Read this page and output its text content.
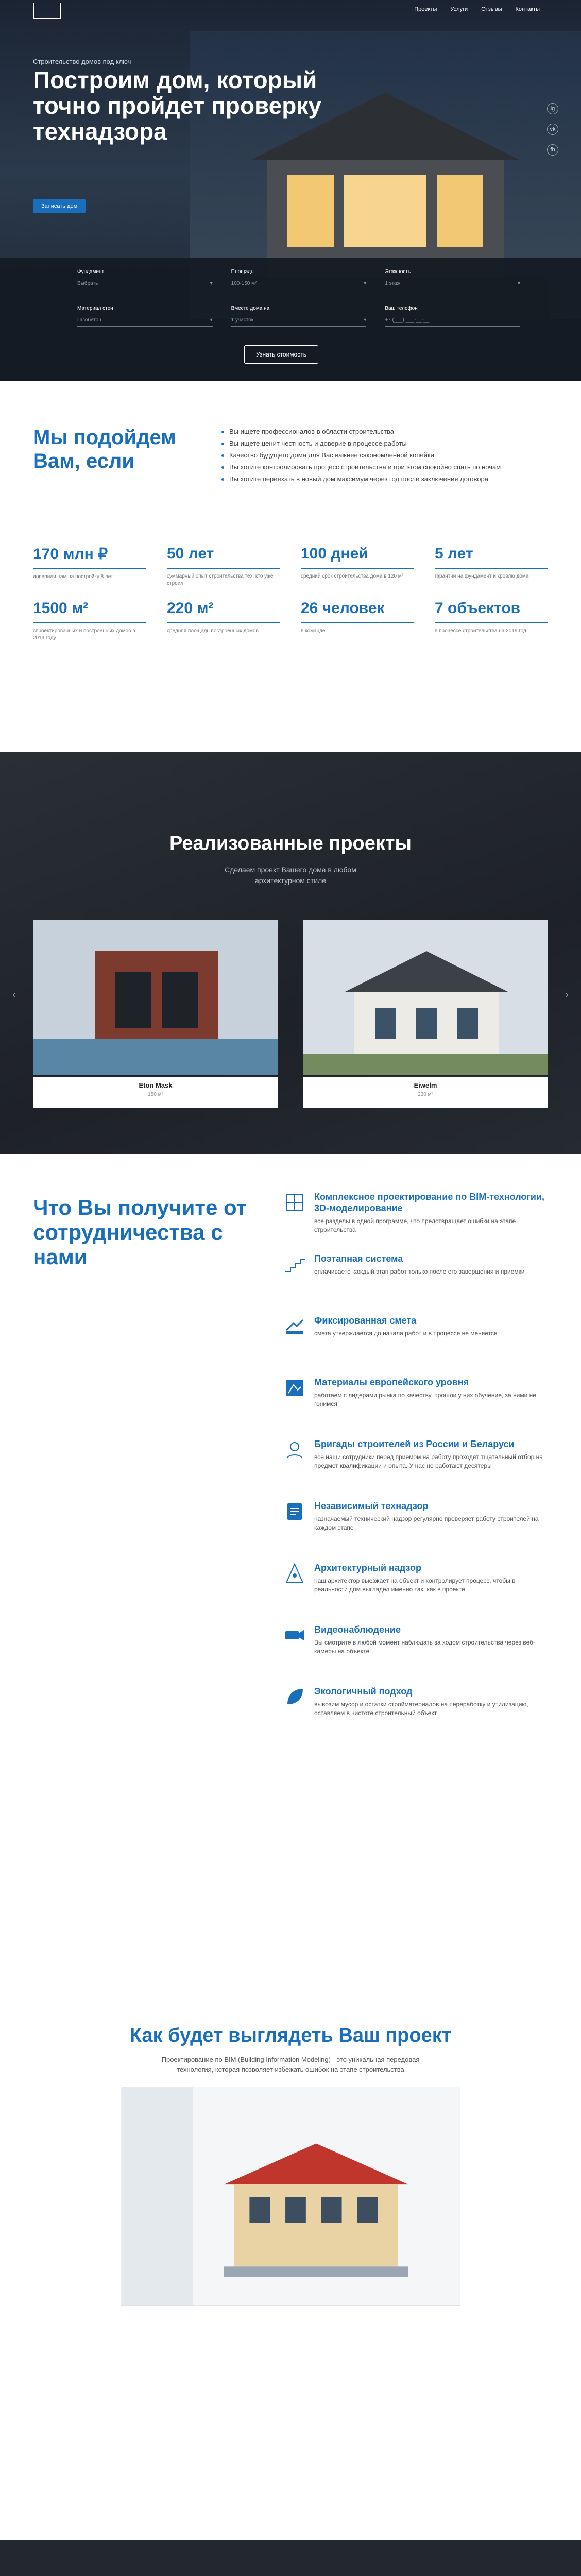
Проекты Услуги Отзывы Контакты
Строительство домов под ключ
Построим дом, который точно пройдет проверку технадзора
Записать дом
ig
vk
fb
Фундамент
Выбрать	▾
Площадь
100-150 м²	▾
Этажность
1 этаж	▾
Материал стен
Газобетон	▾
Вместе дома на
1 участок	▾
Ваш телефон
+7 (___) ___-__-__
Узнать стоимость
Мы подойдем Вам, если
Вы ищете профессионалов в области строительства
Вы ищете ценит честность и доверие в процессе работы
Качество будущего дома для Вас важнее сэкономленной копейки
Вы хотите контролировать процесс строительства и при этом спокойно спать по ночам
Вы хотите переехать в новый дом максимум через год после заключения договора
170 млн ₽
доверили нам на постройку 8 лет
50 лет
суммарный опыт строительства тех, кто уже строил
100 дней
средний срок строительства дома в 120 м²
5 лет
гарантии на фундамент и кровлю дома
1500 м²
спроектированных и построенных домов в 2019 году
220 м²
средняя площадь построенных домов
26 человек
в команде
7 объектов
в процессе строительства на 2019 год
Реализованные проекты
Сделаем проект Вашего дома в любом архитектурном стиле
‹	›
Eton Mask
180 м²
Eiwelm
230 м²
Что Вы получите от сотрудничества с нами
Комплексное проектирование по BIM-технологии, 3D-моделирование
все разделы в одной программе, что предотвращает ошибки на этапе строительства
Поэтапная система
оплачиваете каждый этап работ только после его завершения и приемки
Фиксированная смета
смета утверждается до начала работ и в процессе не меняется
Материалы европейского уровня
работаем с лидерами рынка по качеству, прошли у них обучение, за ними не гонимся
Бригады строителей из России и Беларуси
все наши сотрудники перед приемом на работу проходят тщательный отбор на предмет квалификации и опыта. У нас не работают десятеры
Независимый технадзор
назначаемый технический надзор регулярно проверяет работу строителей на каждом этапе
Архитектурный надзор
наш архитектор выезжает на объект и контролирует процесс, чтобы в реальности дом выглядел именно так, как в проекте
Видеонаблюдение
Вы смотрите в любой момент наблюдать за ходом строительства через веб-камеры на объекте
Экологичный подход
вывозим мусор и остатки стройматериалов на переработку и утилизацию, оставляем в чистоте строительный объект
Как будет выглядеть Ваш проект
Проектирование по BIM (Building Information Modeling) - это уникальная передовая технология, которая позволяет избежать ошибок на этапе строительства
